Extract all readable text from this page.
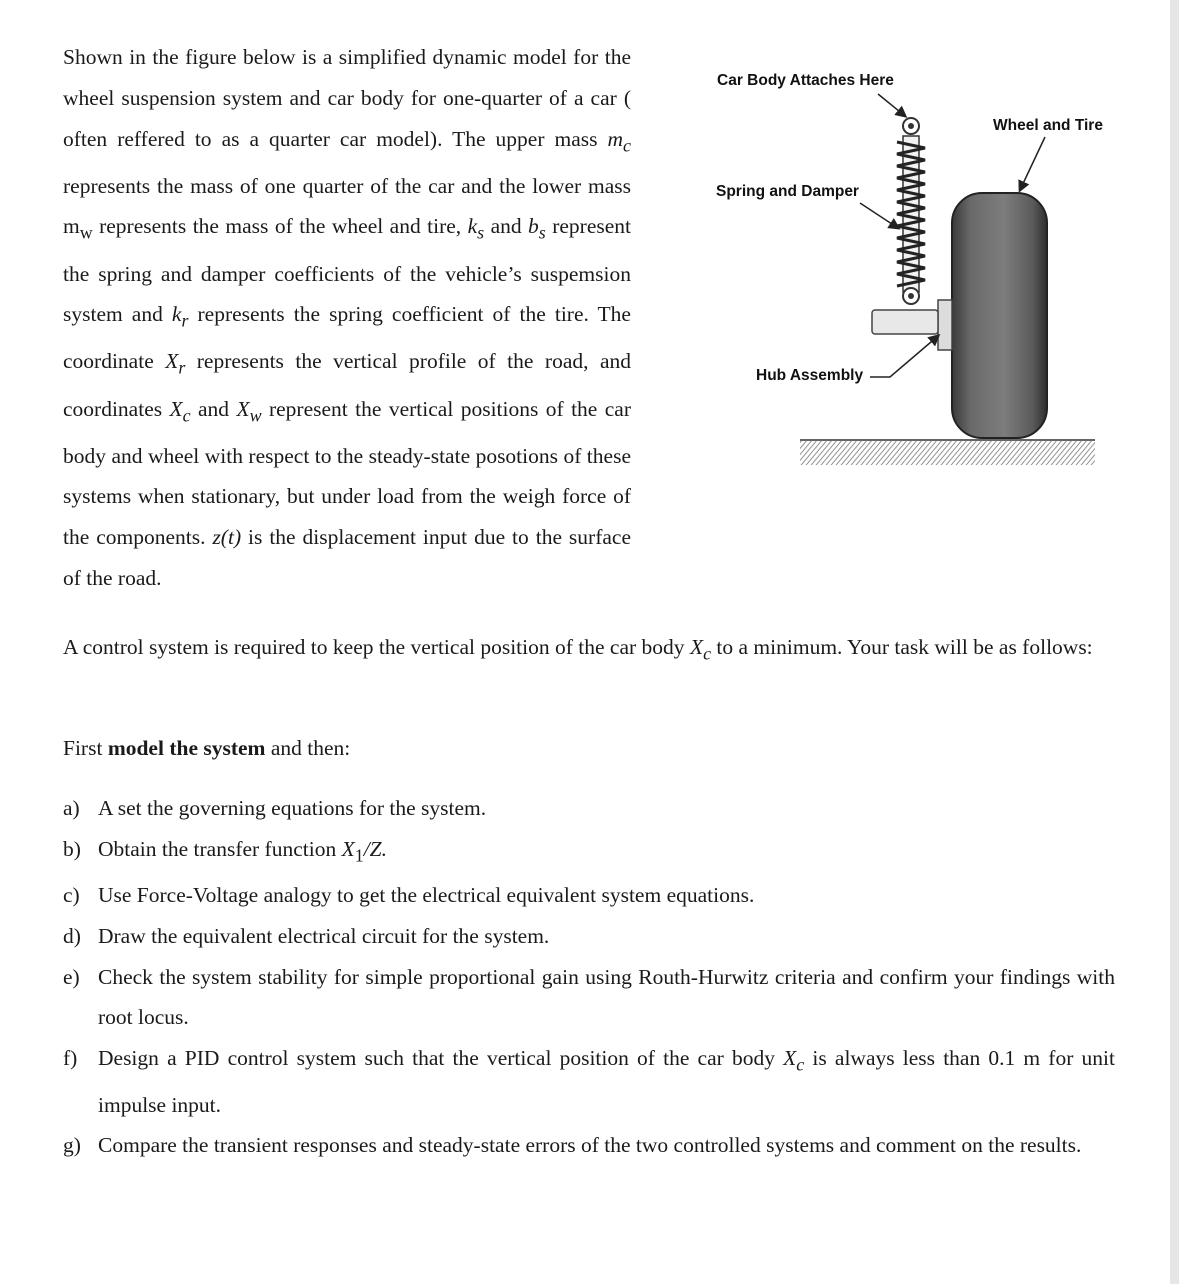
Shown in the figure below is a simplified dynamic model for the wheel suspension system and car body for one-quarter of a car ( often reffered to as a quarter car model). The upper mass $m_c$ represents the mass of one quarter of the car and the lower mass $m_w$ represents the mass of the wheel and tire, $k_s$ and $b_s$ represent the spring and damper coefficients of the vehicle’s suspemsion system and $k_r$ represents the spring coefficient of the tire. The coordinate $X_r$ represents the vertical profile of the road, and coordinates $X_c$ and $X_w$ represent the vertical positions of the car body and wheel with respect to the steady-state posotions of these systems when stationary, but under load from the weigh force of the components. z(t) is the displacement input due to the surface of the road.

Car Body Attaches Here
Wheel and Tire
Spring and Damper
Hub Assembly

A control system is required to keep the vertical position of the car body $X_c$ to a minimum. Your task will be as follows:

First model the system and then:
a) A set the governing equations for the system.
b) Obtain the transfer function $X_1/Z$.
c) Use Force-Voltage analogy to get the electrical equivalent system equations.
d) Draw the equivalent electrical circuit for the system.
e) Check the system stability for simple proportional gain using Routh-Hurwitz criteria and confirm your findings with root locus.
f) Design a PID control system such that the vertical position of the car body $X_c$ is always less than 0.1 m for unit impulse input.
g) Compare the transient responses and steady-state errors of the two controlled systems and comment on the results.
